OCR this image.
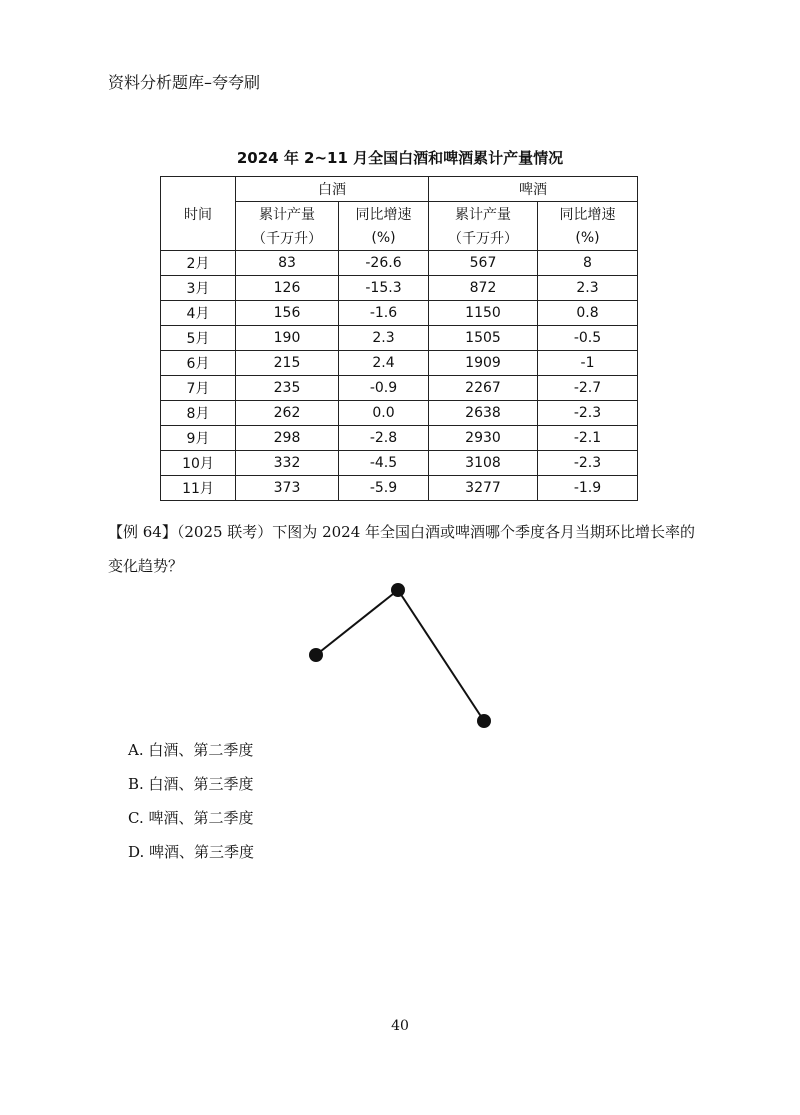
资料分析题库–夸夸刷
2024 年 2~11 月全国白酒和啤酒累计产量情况
时间	白酒		啤酒	
	累计产量	同比增速	累计产量	同比增速
	（千万升）	(%)	（千万升）	(%)
2月	83	-26.6	567	8
3月	126	-15.3	872	2.3
4月	156	-1.6	1150	0.8
5月	190	2.3	1505	-0.5
6月	215	2.4	1909	-1
7月	235	-0.9	2267	-2.7
8月	262	0.0	2638	-2.3
9月	298	-2.8	2930	-2.1
10月	332	-4.5	3108	-2.3
11月	373	-5.9	3277	-1.9
【例 64】（2025 联考）下图为 2024 年全国白酒或啤酒哪个季度各月当期环比增长率的变化趋势？
A. 白酒、第二季度
B. 白酒、第三季度
C. 啤酒、第二季度
D. 啤酒、第三季度
40
